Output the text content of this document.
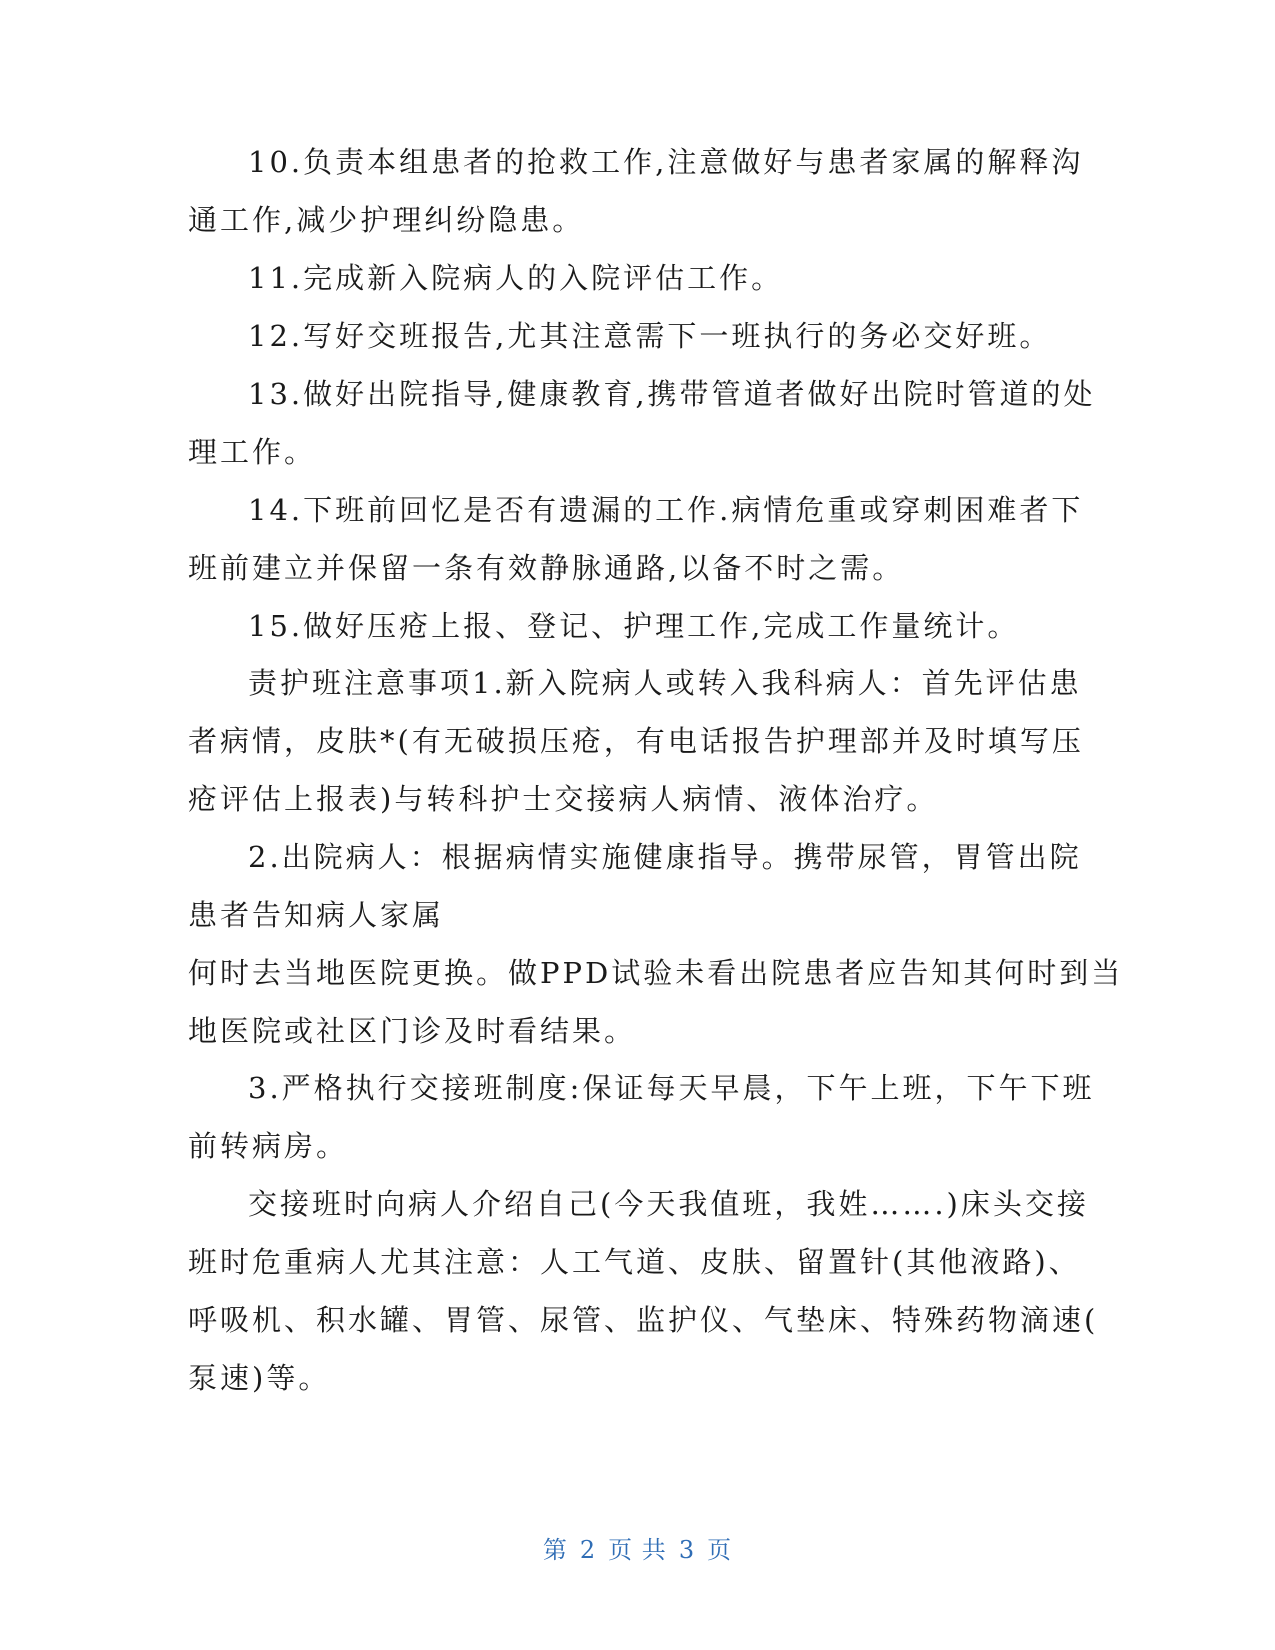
10.负责本组患者的抢救工作,注意做好与患者家属的解释沟
通工作,减少护理纠纷隐患。
11.完成新入院病人的入院评估工作。
12.写好交班报告,尤其注意需下一班执行的务必交好班。
13.做好出院指导,健康教育,携带管道者做好出院时管道的处
理工作。
14.下班前回忆是否有遗漏的工作.病情危重或穿刺困难者下
班前建立并保留一条有效静脉通路,以备不时之需。
15.做好压疮上报、登记、护理工作,完成工作量统计。
责护班注意事项1.新入院病人或转入我科病人：首先评估患
者病情，皮肤*(有无破损压疮，有电话报告护理部并及时填写压
疮评估上报表)与转科护士交接病人病情、液体治疗。
2.出院病人：根据病情实施健康指导。携带尿管，胃管出院
患者告知病人家属
何时去当地医院更换。做PPD试验未看出院患者应告知其何时到当
地医院或社区门诊及时看结果。
3.严格执行交接班制度:保证每天早晨，下午上班，下午下班
前转病房。
交接班时向病人介绍自己(今天我值班，我姓…….)床头交接
班时危重病人尤其注意：人工气道、皮肤、留置针(其他液路)、
呼吸机、积水罐、胃管、尿管、监护仪、气垫床、特殊药物滴速(
泵速)等。
第 2 页 共 3 页
